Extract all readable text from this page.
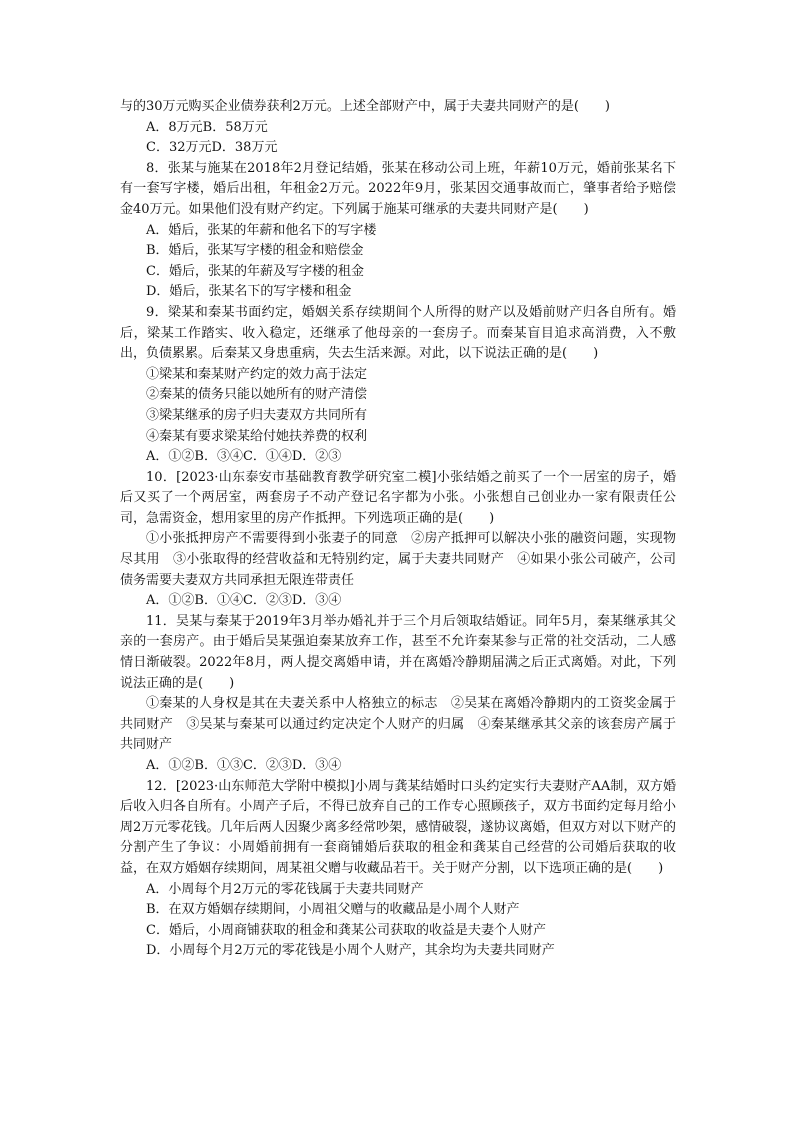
与的30万元购买企业债券获利2万元。上述全部财产中，属于夫妻共同财产的是(　　)

A．8万元B．58万元

C．32万元D．38万元

8．张某与施某在2018年2月登记结婚，张某在移动公司上班，年薪10万元，婚前张某名下有一套写字楼，婚后出租，年租金2万元。2022年9月，张某因交通事故而亡，肇事者给予赔偿金40万元。如果他们没有财产约定。下列属于施某可继承的夫妻共同财产是(　　)

A．婚后，张某的年薪和他名下的写字楼

B．婚后，张某写字楼的租金和赔偿金

C．婚后，张某的年薪及写字楼的租金

D．婚后，张某名下的写字楼和租金

9．梁某和秦某书面约定，婚姻关系存续期间个人所得的财产以及婚前财产归各自所有。婚后，梁某工作踏实、收入稳定，还继承了他母亲的一套房子。而秦某盲目追求高消费，入不敷出，负债累累。后秦某又身患重病，失去生活来源。对此，以下说法正确的是(　　)

①梁某和秦某财产约定的效力高于法定

②秦某的债务只能以她所有的财产清偿

③梁某继承的房子归夫妻双方共同所有

④秦某有要求梁某给付她扶养费的权利

A．①②B．③④C．①④D．②③

10．[2023·山东泰安市基础教育教学研究室二模]小张结婚之前买了一个一居室的房子，婚后又买了一个两居室，两套房子不动产登记名字都为小张。小张想自己创业办一家有限责任公司，急需资金，想用家里的房产作抵押。下列选项正确的是(　　)

①小张抵押房产不需要得到小张妻子的同意　②房产抵押可以解决小张的融资问题，实现物尽其用　③小张取得的经营收益和无特别约定，属于夫妻共同财产　④如果小张公司破产，公司债务需要夫妻双方共同承担无限连带责任

A．①②B．①④C．②③D．③④

11．吴某与秦某于2019年3月举办婚礼并于三个月后领取结婚证。同年5月，秦某继承其父亲的一套房产。由于婚后吴某强迫秦某放弃工作，甚至不允许秦某参与正常的社交活动，二人感情日渐破裂。2022年8月，两人提交离婚申请，并在离婚冷静期届满之后正式离婚。对此，下列说法正确的是(　　)

①秦某的人身权是其在夫妻关系中人格独立的标志　②吴某在离婚冷静期内的工资奖金属于共同财产　③吴某与秦某可以通过约定决定个人财产的归属　④秦某继承其父亲的该套房产属于共同财产

A．①②B．①③C．②③D．③④

12．[2023·山东师范大学附中模拟]小周与龚某结婚时口头约定实行夫妻财产AA制，双方婚后收入归各自所有。小周产子后，不得已放弃自己的工作专心照顾孩子，双方书面约定每月给小周2万元零花钱。几年后两人因聚少离多经常吵架，感情破裂，遂协议离婚，但双方对以下财产的分割产生了争议：小周婚前拥有一套商铺婚后获取的租金和龚某自己经营的公司婚后获取的收益，在双方婚姻存续期间，周某祖父赠与收藏品若干。关于财产分割，以下选项正确的是(　　)

A．小周每个月2万元的零花钱属于夫妻共同财产

B．在双方婚姻存续期间，小周祖父赠与的收藏品是小周个人财产

C．婚后，小周商铺获取的租金和龚某公司获取的收益是夫妻个人财产

D．小周每个月2万元的零花钱是小周个人财产，其余均为夫妻共同财产
